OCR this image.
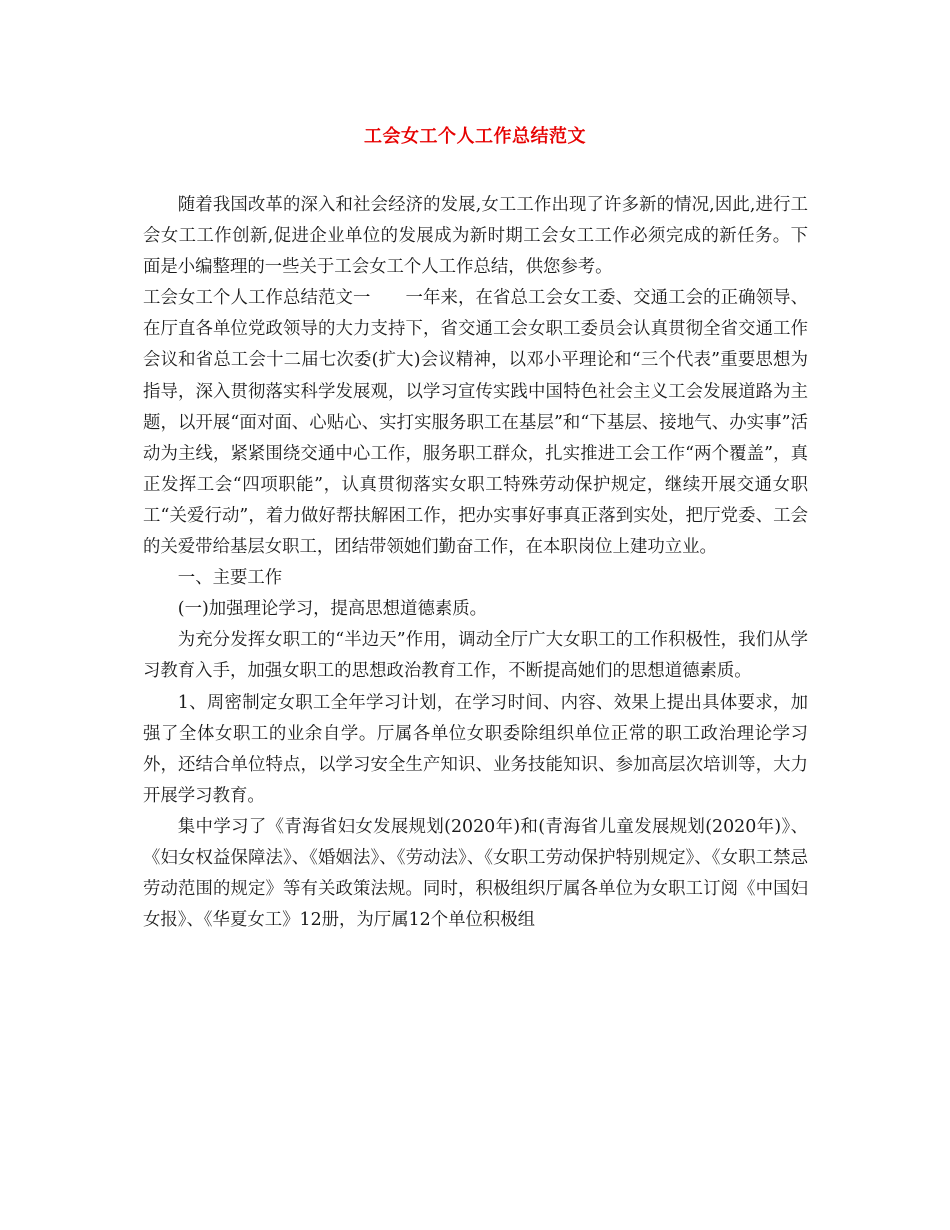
工会女工个人工作总结范文

随着我国改革的深入和社会经济的发展,女工工作出现了许多新的情况,因此,进行工会女工工作创新,促进企业单位的发展成为新时期工会女工工作必须完成的新任务。下面是小编整理的一些关于工会女工个人工作总结，供您参考。

工会女工个人工作总结范文一　　一年来，在省总工会女工委、交通工会的正确领导、在厅直各单位党政领导的大力支持下，省交通工会女职工委员会认真贯彻全省交通工作会议和省总工会十二届七次委(扩大)会议精神，以邓小平理论和“三个代表”重要思想为指导，深入贯彻落实科学发展观，以学习宣传实践中国特色社会主义工会发展道路为主题，以开展“面对面、心贴心、实打实服务职工在基层”和“下基层、接地气、办实事”活动为主线，紧紧围绕交通中心工作，服务职工群众，扎实推进工会工作“两个覆盖”，真正发挥工会“四项职能”，认真贯彻落实女职工特殊劳动保护规定，继续开展交通女职工“关爱行动”，着力做好帮扶解困工作，把办实事好事真正落到实处，把厅党委、工会的关爱带给基层女职工，团结带领她们勤奋工作，在本职岗位上建功立业。

一、主要工作

(一)加强理论学习，提高思想道德素质。

为充分发挥女职工的“半边天”作用，调动全厅广大女职工的工作积极性，我们从学习教育入手，加强女职工的思想政治教育工作，不断提高她们的思想道德素质。

1、周密制定女职工全年学习计划，在学习时间、内容、效果上提出具体要求，加强了全体女职工的业余自学。厅属各单位女职委除组织单位正常的职工政治理论学习外，还结合单位特点，以学习安全生产知识、业务技能知识、参加高层次培训等，大力开展学习教育。

集中学习了《青海省妇女发展规划(2020年)和(青海省儿童发展规划(2020年)》、《妇女权益保障法》、《婚姻法》、《劳动法》、《女职工劳动保护特别规定》、《女职工禁忌劳动范围的规定》等有关政策法规。同时，积极组织厅属各单位为女职工订阅《中国妇女报》、《华夏女工》12册，为厅属12个单位积极组
